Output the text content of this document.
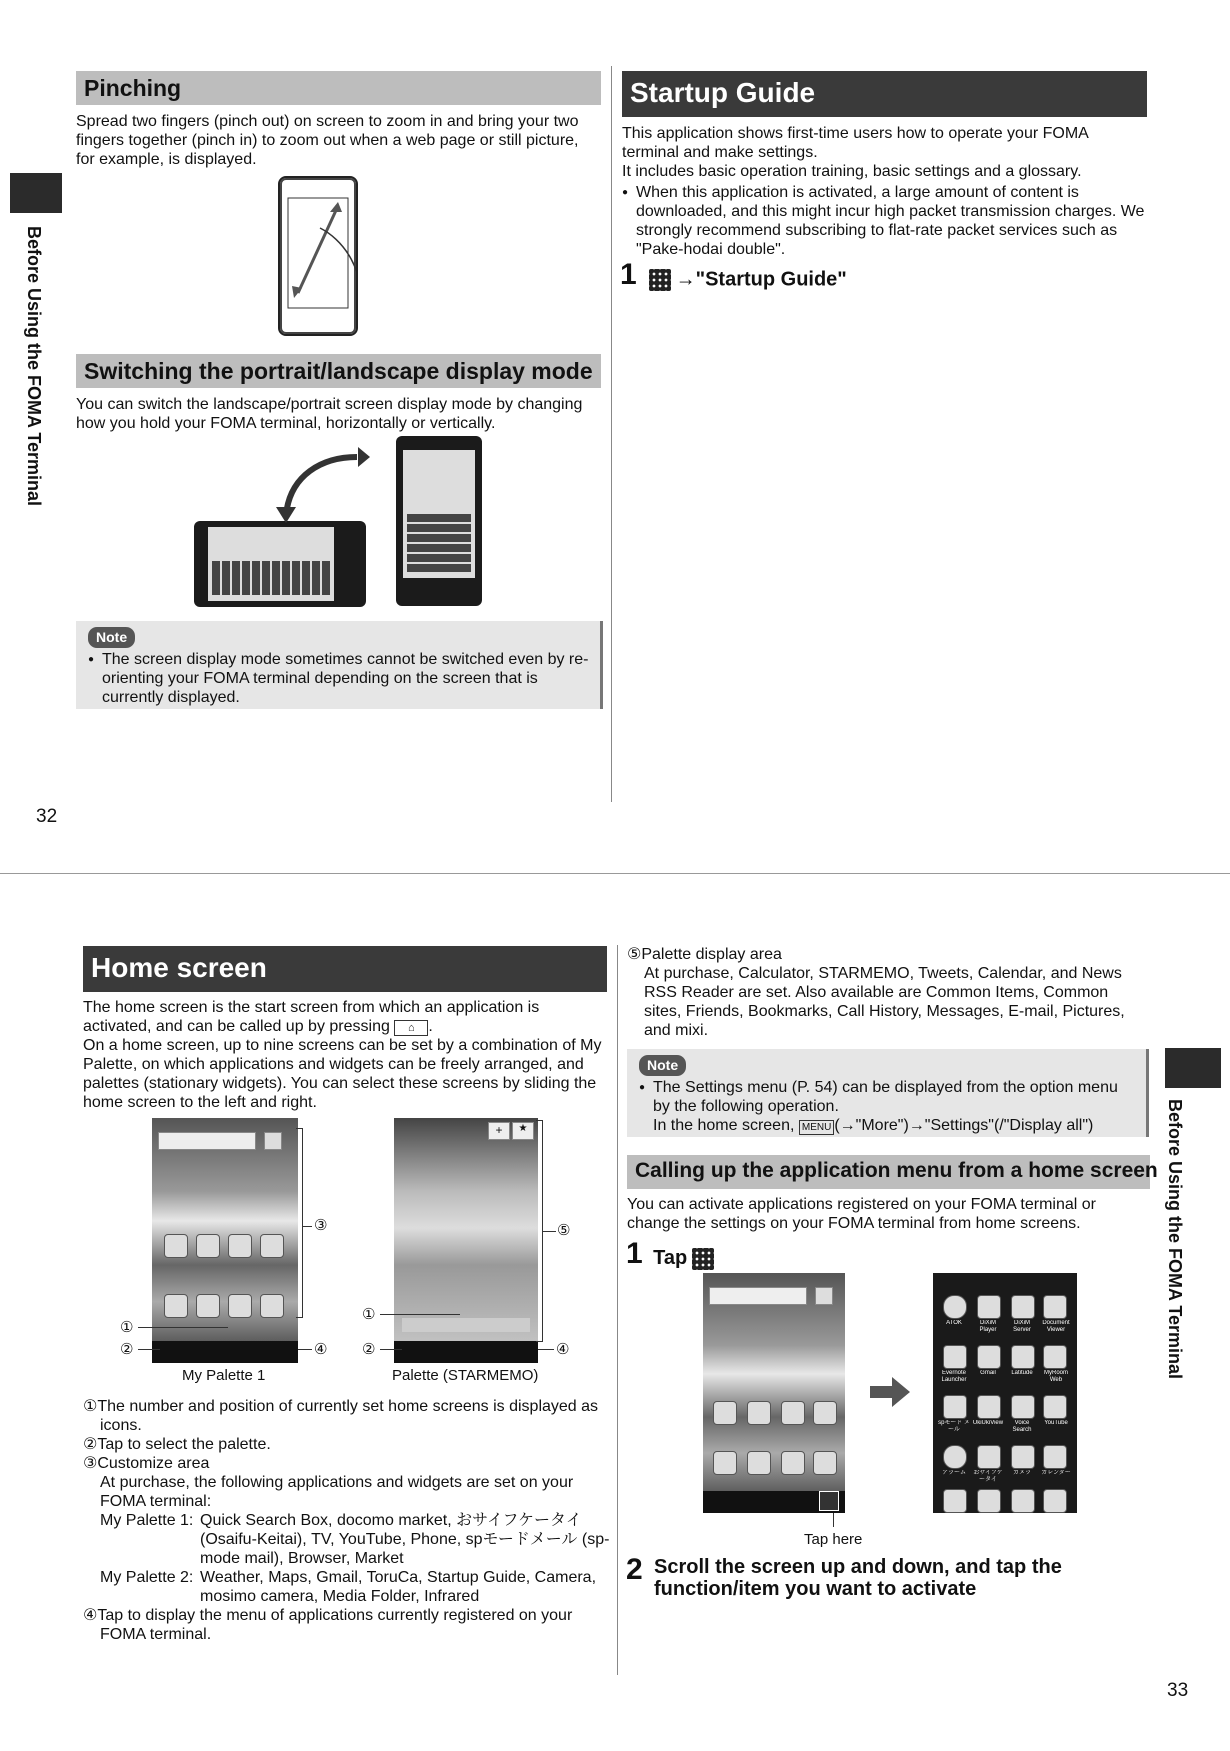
Before Using the FOMA Terminal
Pinching
Spread two fingers (pinch out) on screen to zoom in and bring your two fingers together (pinch in) to zoom out when a web page or still picture, for example, is displayed.
Switching the portrait/landscape display mode
You can switch the landscape/portrait screen display mode by changing how you hold your FOMA terminal, horizontally or vertically.
Note
● The screen display mode sometimes cannot be switched even by re-orienting your FOMA terminal depending on the screen that is currently displayed.
Startup Guide
This application shows first-time users how to operate your FOMA terminal and make settings.
It includes basic operation training, basic settings and a glossary.
● When this application is activated, a large amount of content is downloaded, and this might incur high packet transmission charges. We strongly recommend subscribing to flat-rate packet services such as "Pake-hodai double".
1 →"Startup Guide"
32
Home screen
The home screen is the start screen from which an application is activated, and can be called up by pressing ⌂ .
On a home screen, up to nine screens can be set by a combination of My Palette, on which applications and widgets can be freely arranged, and palettes (stationary widgets). You can select these screens by sliding the home screen to the left and right.
+	★
③	⑤
①
②	④
①
②	④
My Palette 1	Palette (STARMEMO)
①The number and position of currently set home screens is displayed as icons.
②Tap to select the palette.
③Customize area
At purchase, the following applications and widgets are set on your FOMA terminal:
My Palette 1: Quick Search Box, docomo market, おサイフケータイ (Osaifu-Keitai), TV, YouTube, Phone, spモードメール (sp-mode mail), Browser, Market
My Palette 2: Weather, Maps, Gmail, ToruCa, Startup Guide, Camera, mosimo camera, Media Folder, Infrared
④Tap to display the menu of applications currently registered on your FOMA terminal.
⑤Palette display area
At purchase, Calculator, STARMEMO, Tweets, Calendar, and News RSS Reader are set. Also available are Common Items, Common sites, Friends, Bookmarks, Call History, Messages, E-mail, Pictures, and mixi.
Note
● The Settings menu (P. 54) can be displayed from the option menu by the following operation.
In the home screen, MENU (→"More")→"Settings"(/"Display all")
Calling up the application menu from a home screen
You can activate applications registered on your FOMA terminal or change the settings on your FOMA terminal from home screens.
1 Tap
Tap here
ATOK	DiXiM Player
DiXiM Server
Document Viewer
Evernote Launcher
Gmail	Latitude	MyRoom Web
spモード メール
UkiUkiView	Voice Search
YouTube
アラーム	おサイフケータイ
カメラ	カレンダー
2 Scroll the screen up and down, and tap the function/item you want to activate
Before Using the FOMA Terminal
33
